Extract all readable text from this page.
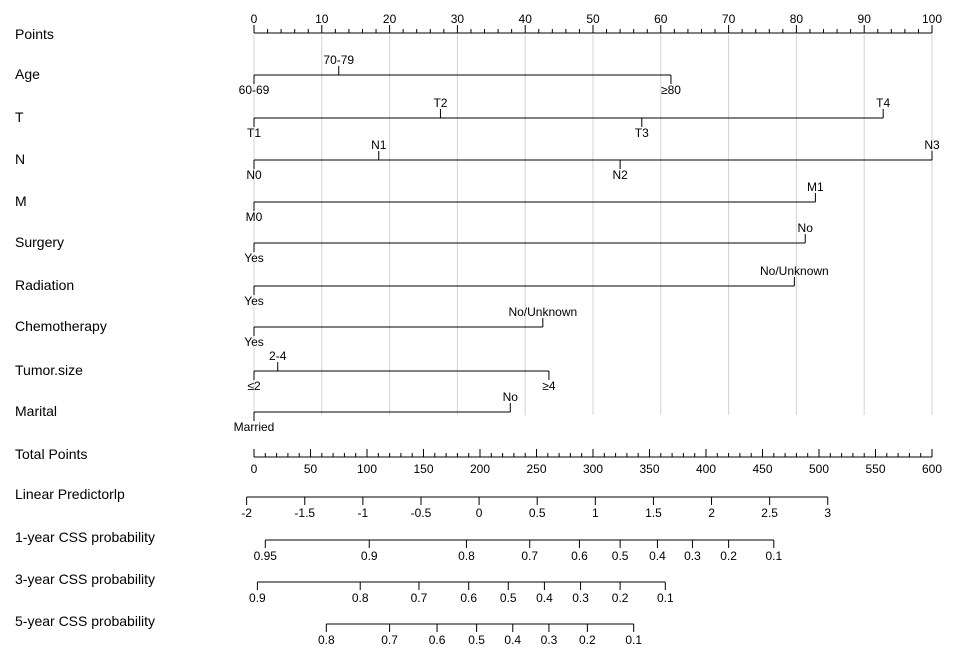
Points
0	10	20	30	40	50	60	70	80	90	100
Age
60-69
70-79
≥80
T
T1
T2
T3
T4
N
N0
N1
N2
N3
M
M0
M1
Surgery
Yes
No
Radiation
Yes
No/Unknown
Chemotherapy
Yes
No/Unknown
Tumor.size
≤2
2-4
≥4
Marital
Married
No
Total Points
0	50	100	150	200	250	300	350	400	450	500	550	600
Linear Predictorlp
-2	-1.5	-1	-0.5	0	0.5	1	1.5	2	2.5	3
1-year CSS probability
0.95	0.9	0.8	0.7	0.6 0.5 0.4 0.3 0.2 0.1
3-year CSS probability
0.9	0.8	0.7	0.6 0.5 0.4 0.3 0.2 0.1
5-year CSS probability
0.8	0.7	0.6 0.5 0.4 0.3 0.2 0.1
